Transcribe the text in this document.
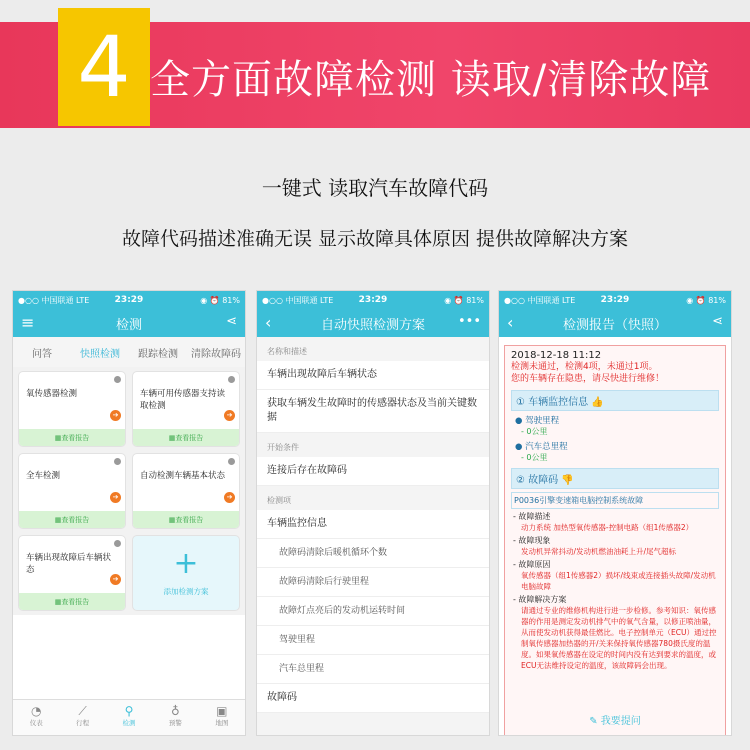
全方面故障检测 读取/清除故障
4
一键式 读取汽车故障代码
故障代码描述准确无误 显示故障具体原因 提供故障解决方案
●○○ 中国联通 LTE	23:29	◉ ⏰ 81%
≡	检测	⋖
问答	快照检测	跟踪检测	清除故障码
氧传感器检测
➔
▦ 查看报告
车辆可用传感器支持读取检测
➔
▦ 查看报告
全车检测
➔
▦ 查看报告
自动检测车辆基本状态
➔
▦ 查看报告
车辆出现故障后车辆状态
➔
▦ 查看报告
+
添加检测方案
◔
仪表
⟋
行程
⚲
检测
♁
预警
▣
地图
●○○ 中国联通 LTE	23:29	◉ ⏰ 81%
‹	自动快照检测方案	•••
名称和描述
车辆出现故障后车辆状态
获取车辆发生故障时的传感器状态及当前关键数据
开始条件
连接后存在故障码
检测项
车辆监控信息
故障码清除后暖机循环个数
故障码清除后行驶里程
故障灯点亮后的发动机运转时间
驾驶里程
汽车总里程
故障码
●○○ 中国联通 LTE	23:29	◉ ⏰ 81%
‹	检测报告（快照）	⋖
2018-12-18 11:12
检测未通过，检测4项，未通过1项。
您的车辆存在隐患，请尽快进行维修！
① 车辆监控信息 👍
● 驾驶里程
- 0公里
● 汽车总里程
- 0公里
② 故障码 👎
P0036引擎变速箱电脑控制系统故障
- 故障描述
动力系统 加热型氧传感器-控制电路（组1传感器2）
- 故障现象
发动机异常抖动/发动机燃油油耗上升/尾气超标
- 故障原因
氧传感器（组1传感器2）损坏/线束或连接插头故障/发动机电脑故障
- 故障解决方案
请通过专业的维修机构进行进一步检修。参考知识：氧传感器的作用是测定发动机排气中的氧气含量，以修正喷油量，从而使发动机获得最佳燃比。电子控制单元（ECU）通过控制氧传感器加热器的开/关来保持氧传感器780摄氏度的温度。如果氧传感器在设定的时间内没有达到要求的温度，或ECU无法维持设定的温度，该故障码会出现。
✎ 我要提问
